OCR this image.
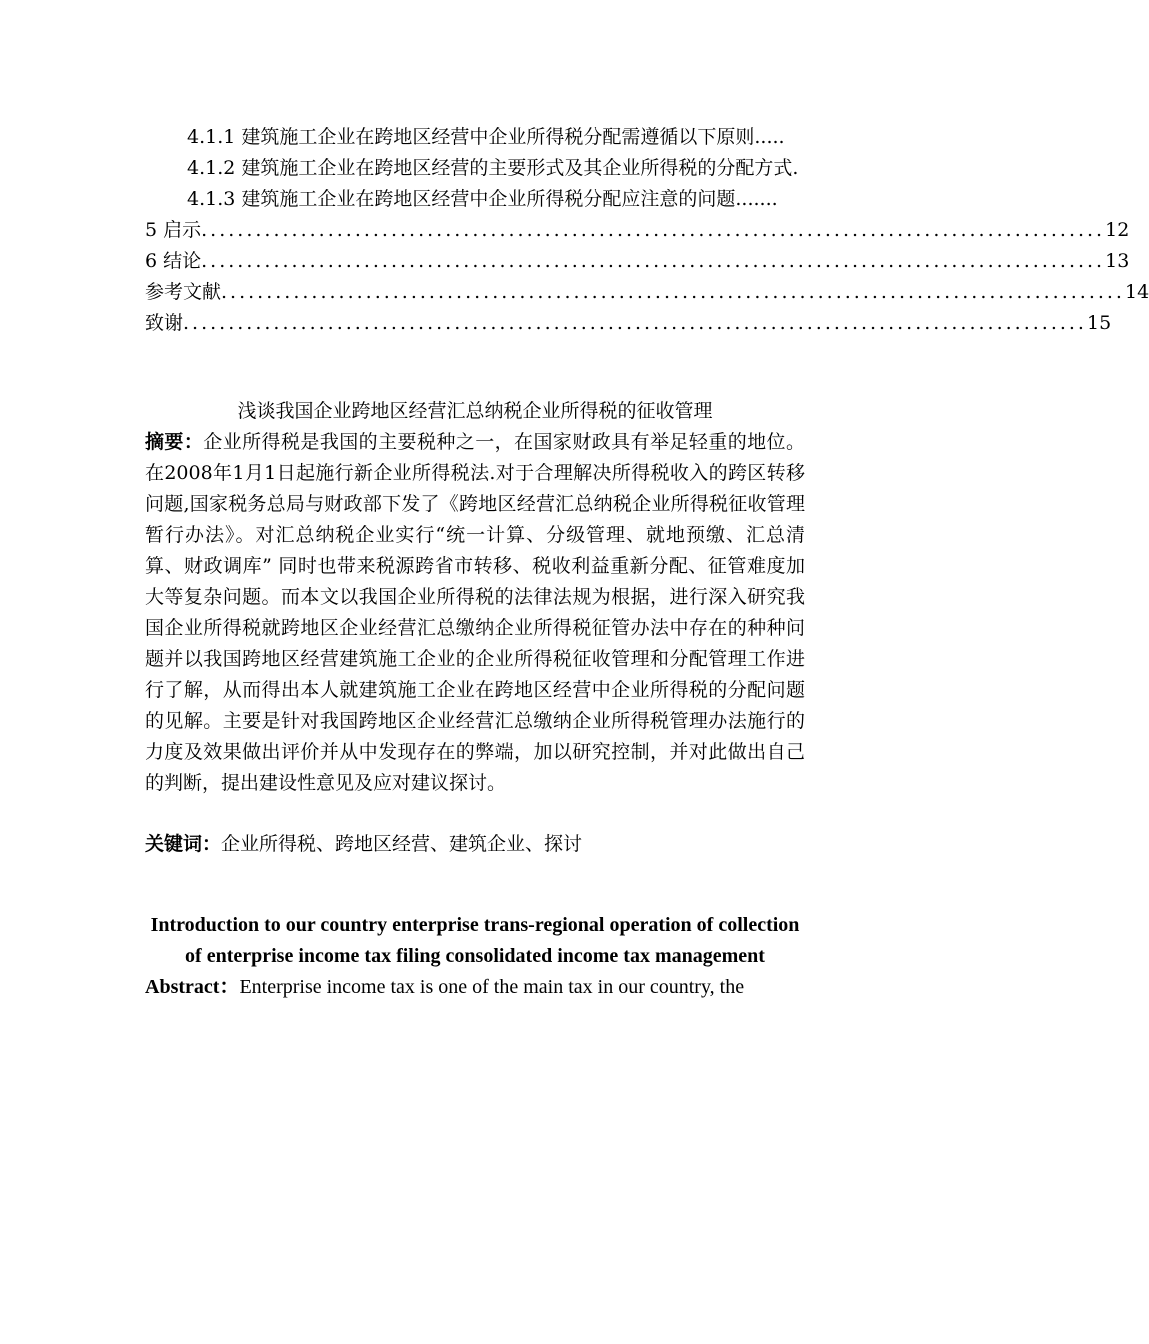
4.1.1 建筑施工企业在跨地区经营中企业所得税分配需遵循以下原则.....

4.1.2 建筑施工企业在跨地区经营的主要形式及其企业所得税的分配方式.

4.1.3 建筑施工企业在跨地区经营中企业所得税分配应注意的问题.......

5 启示 .................................................................................................... 12
6 结论 .................................................................................................... 13
参考文献 .................................................................................................... 14
致谢 .................................................................................................... 15
浅谈我国企业跨地区经营汇总纳税企业所得税的征收管理

摘要：企业所得税是我国的主要税种之一，在国家财政具有举足轻重的地位。在2008年1月1日起施行新企业所得税法.对于合理解决所得税收入的跨区转移问题,国家税务总局与财政部下发了《跨地区经营汇总纳税企业所得税征收管理暂行办法》。对汇总纳税企业实行“统一计算、分级管理、就地预缴、汇总清算、财政调库” 同时也带来税源跨省市转移、税收利益重新分配、征管难度加大等复杂问题。而本文以我国企业所得税的法律法规为根据，进行深入研究我国企业所得税就跨地区企业经营汇总缴纳企业所得税征管办法中存在的种种问题并以我国跨地区经营建筑施工企业的企业所得税征收管理和分配管理工作进行了解，从而得出本人就建筑施工企业在跨地区经营中企业所得税的分配问题的见解。主要是针对我国跨地区企业经营汇总缴纳企业所得税管理办法施行的力度及效果做出评价并从中发现存在的弊端，加以研究控制，并对此做出自己的判断，提出建设性意见及应对建议探讨。

关键词：企业所得税、跨地区经营、建筑企业、探讨

Introduction to our country enterprise trans-regional operation of collection of enterprise income tax filing consolidated income tax management

Abstract：Enterprise income tax is one of the main tax in our country, the
